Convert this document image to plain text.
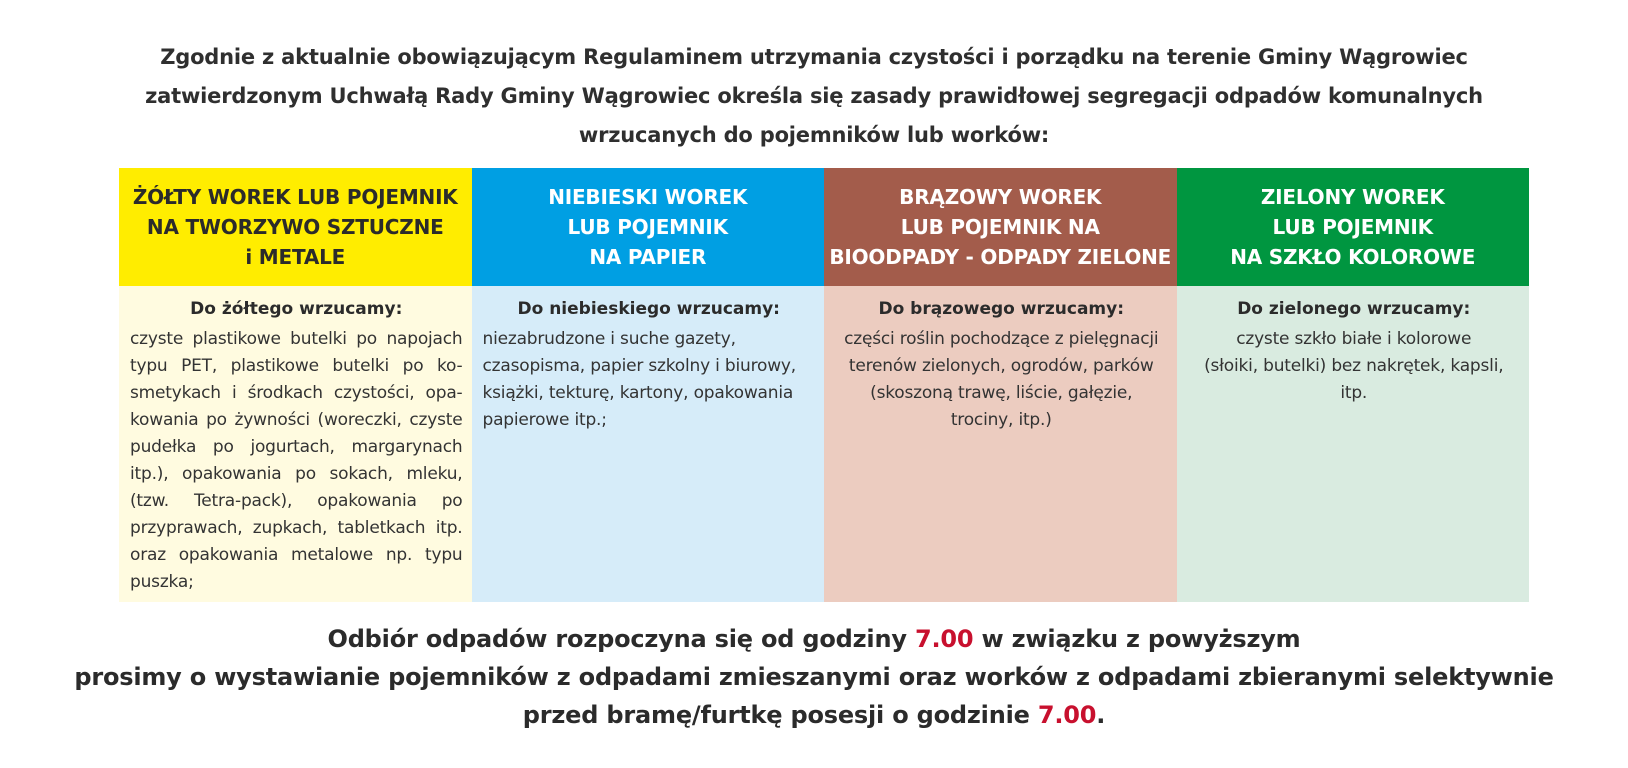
Zgodnie z aktualnie obowiązującym Regulaminem utrzymania czystości i porządku na terenie Gminy Wągrowiec
zatwierdzonym Uchwałą Rady Gminy Wągrowiec określa się zasady prawidłowej segregacji odpadów komunalnych
wrzucanych do pojemników lub worków:
ŻÓŁTY WOREK LUB POJEMNIK
NA TWORZYWO SZTUCZNE
i METALE
Do żółtego wrzucamy:
czyste plastikowe butelki po napojach
typu PET, plastikowe butelki po ko-
smetykach i środkach czystości, opa-
kowania po żywności (woreczki, czyste
pudełka po jogurtach, margarynach
itp.), opakowania po sokach, mleku,
(tzw. Tetra-pack), opakowania po
przyprawach, zupkach, tabletkach itp.
oraz opakowania metalowe np. typu
puszka;
NIEBIESKI WOREK
LUB POJEMNIK
NA PAPIER
Do niebieskiego wrzucamy:
niezabrudzone i suche gazety,
czasopisma, papier szkolny i biurowy,
książki, tekturę, kartony, opakowania
papierowe itp.;
BRĄZOWY WOREK
LUB POJEMNIK NA
BIOODPADY - ODPADY ZIELONE
Do brązowego wrzucamy:
części roślin pochodzące z pielęgnacji
terenów zielonych, ogrodów, parków
(skoszoną trawę, liście, gałęzie,
trociny, itp.)
ZIELONY WOREK
LUB POJEMNIK
NA SZKŁO KOLOROWE
Do zielonego wrzucamy:
czyste szkło białe i kolorowe
(słoiki, butelki) bez nakrętek, kapsli,
itp.
Odbiór odpadów rozpoczyna się od godziny 7.00 w związku z powyższym
prosimy o wystawianie pojemników z odpadami zmieszanymi oraz worków z odpadami zbieranymi selektywnie
przed bramę/furtkę posesji o godzinie 7.00.
